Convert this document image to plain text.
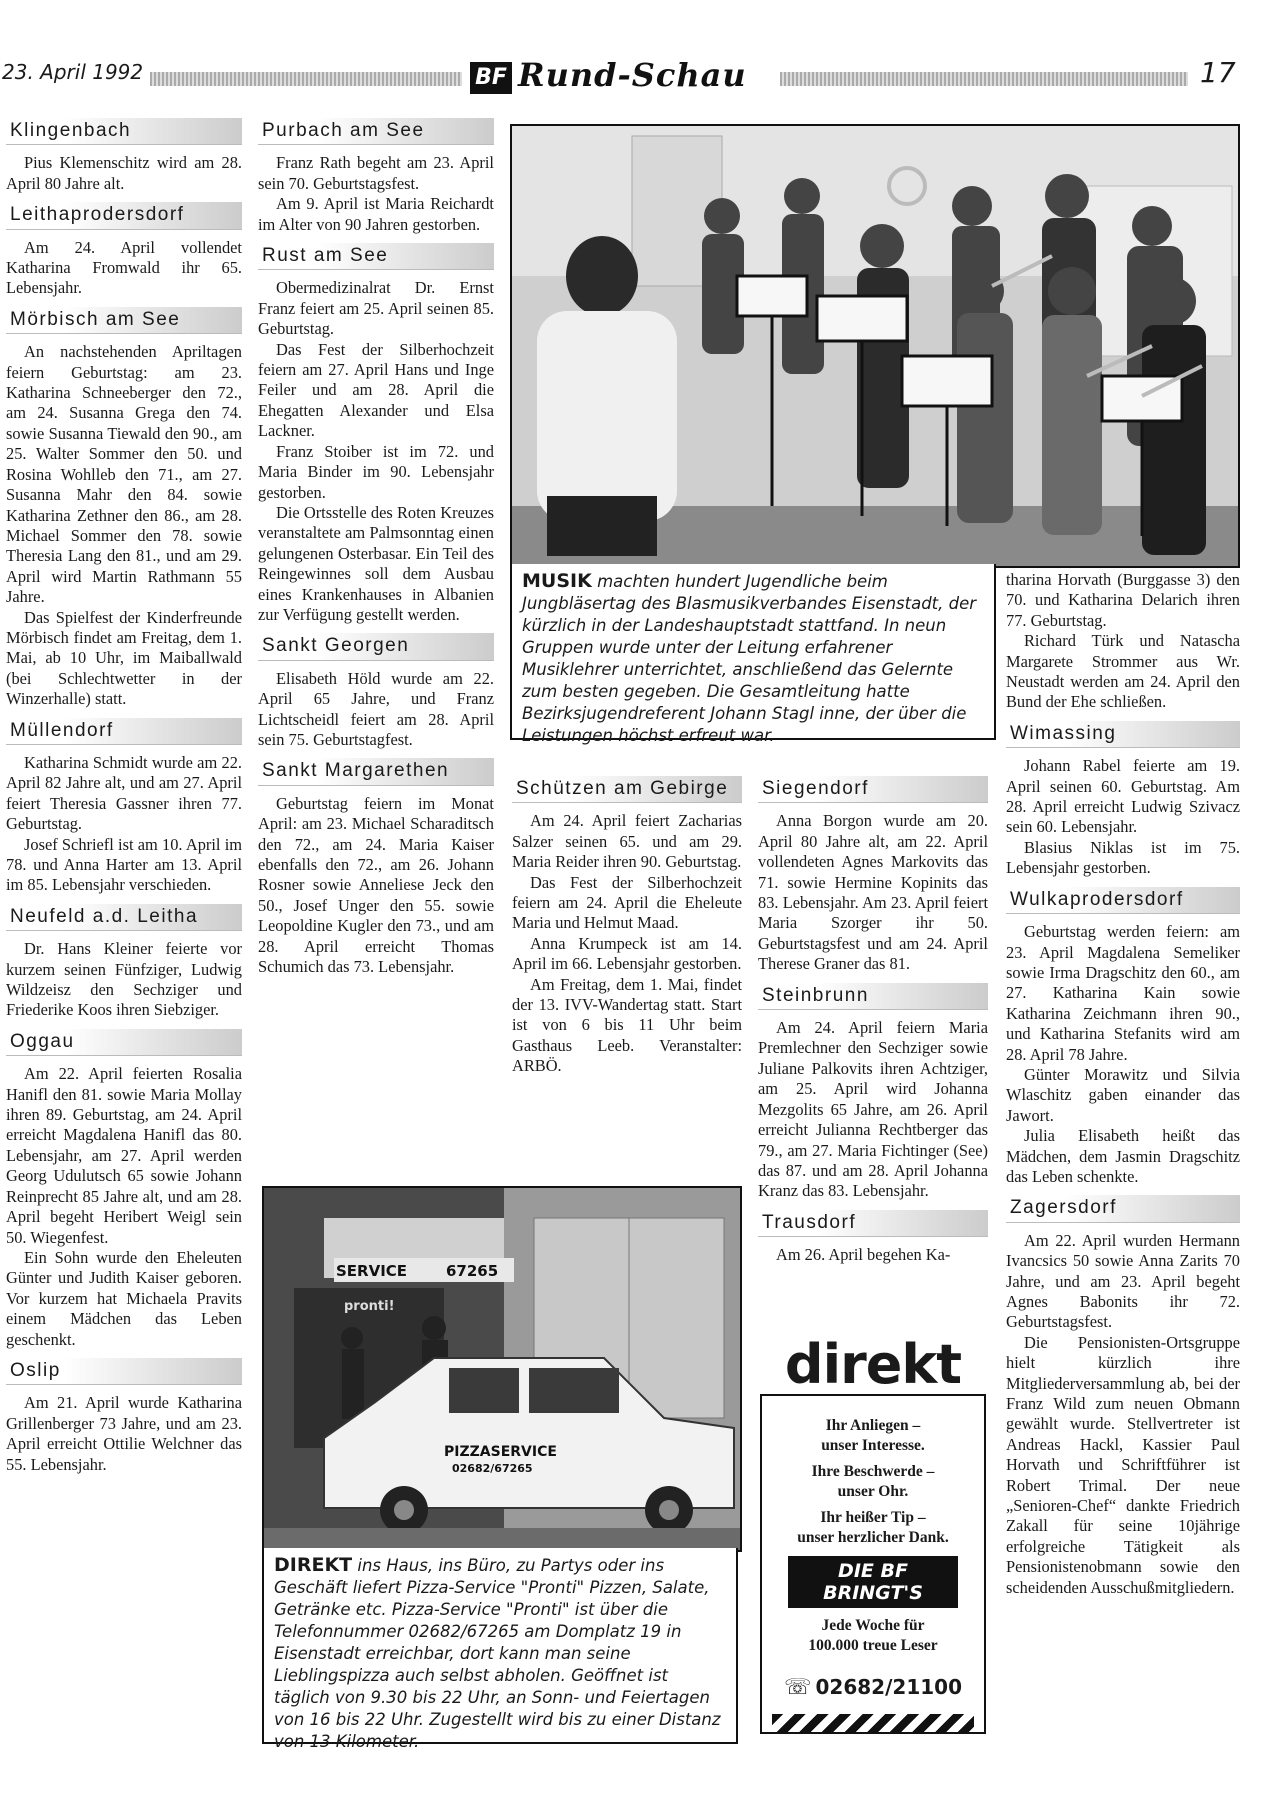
23. April 1992	BF Rund-Schau	17
Klingenbach

Pius Klemenschitz wird am 28. April 80 Jahre alt.

Leithaprodersdorf

Am 24. April vollendet Katharina Fromwald ihr 65. Lebensjahr.

Mörbisch am See

An nachstehenden Apriltagen feiern Geburtstag: am 23. Katharina Schneeberger den 72., am 24. Susanna Grega den 74. sowie Susanna Tiewald den 90., am 25. Walter Sommer den 50. und Rosina Wohlleb den 71., am 27. Susanna Mahr den 84. sowie Katharina Zethner den 86., am 28. Michael Sommer den 78. sowie Theresia Lang den 81., und am 29. April wird Martin Rathmann 55 Jahre.

Das Spielfest der Kinderfreunde Mörbisch findet am Freitag, dem 1. Mai, ab 10 Uhr, im Maiballwald (bei Schlechtwetter in der Winzerhalle) statt.

Müllendorf

Katharina Schmidt wurde am 22. April 82 Jahre alt, und am 27. April feiert Theresia Gassner ihren 77. Geburtstag.

Josef Schriefl ist am 10. April im 78. und Anna Harter am 13. April im 85. Lebensjahr verschieden.

Neufeld a.d. Leitha

Dr. Hans Kleiner feierte vor kurzem seinen Fünfziger, Ludwig Wildzeisz den Sechziger und Friederike Koos ihren Siebziger.

Oggau

Am 22. April feierten Rosalia Hanifl den 81. sowie Maria Mollay ihren 89. Geburtstag, am 24. April erreicht Magdalena Hanifl das 80. Lebensjahr, am 27. April werden Georg Udulutsch 65 sowie Johann Reinprecht 85 Jahre alt, und am 28. April begeht Heribert Weigl sein 50. Wiegenfest.

Ein Sohn wurde den Eheleuten Günter und Judith Kaiser geboren. Vor kurzem hat Michaela Pravits einem Mädchen das Leben geschenkt.

Oslip

Am 21. April wurde Katharina Grillenberger 73 Jahre, und am 23. April erreicht Ottilie Welchner das 55. Lebensjahr.

Purbach am See

Franz Rath begeht am 23. April sein 70. Geburtstagsfest.

Am 9. April ist Maria Reichardt im Alter von 90 Jahren gestorben.

Rust am See

Obermedizinalrat Dr. Ernst Franz feiert am 25. April seinen 85. Geburtstag.

Das Fest der Silberhochzeit feiern am 27. April Hans und Inge Feiler und am 28. April die Ehegatten Alexander und Elsa Lackner.

Franz Stoiber ist im 72. und Maria Binder im 90. Lebensjahr gestorben.

Die Ortsstelle des Roten Kreuzes veranstaltete am Palmsonntag einen gelungenen Osterbasar. Ein Teil des Reingewinnes soll dem Ausbau eines Krankenhauses in Albanien zur Verfügung gestellt werden.

Sankt Georgen

Elisabeth Höld wurde am 22. April 65 Jahre, und Franz Lichtscheidl feiert am 28. April sein 75. Geburtstagfest.

Sankt Margarethen

Geburtstag feiern im Monat April: am 23. Michael Scharaditsch den 72., am 24. Maria Kaiser ebenfalls den 72., am 26. Johann Rosner sowie Anneliese Jeck den 50., Josef Unger den 55. sowie Leopoldine Kugler den 73., und am 28. April erreicht Thomas Schumich das 73. Lebensjahr.

MUSIK machten hundert Jugendliche beim Jungbläsertag des Blasmusikverbandes Eisenstadt, der kürzlich in der Landeshauptstadt stattfand. In neun Gruppen wurde unter der Leitung erfahrener Musiklehrer unterrichtet, anschließend das Gelernte zum besten gegeben. Die Gesamtleitung hatte Bezirksjugendreferent Johann Stagl inne, der über die Leistungen höchst erfreut war.
Schützen am Gebirge

Am 24. April feiert Zacharias Salzer seinen 65. und am 29. Maria Reider ihren 90. Geburtstag.

Das Fest der Silberhochzeit feiern am 24. April die Eheleute Maria und Helmut Maad.

Anna Krumpeck ist am 14. April im 66. Lebensjahr gestorben.

Am Freitag, dem 1. Mai, findet der 13. IVV-Wandertag statt. Start ist von 6 bis 11 Uhr beim Gasthaus Leeb. Veranstalter: ARBÖ.

Siegendorf

Anna Borgon wurde am 20. April 80 Jahre alt, am 22. April vollendeten Agnes Markovits das 71. sowie Hermine Kopinits das 83. Lebensjahr. Am 23. April feiert Maria Szorger ihr 50. Geburtstagsfest und am 24. April Therese Graner das 81.

Steinbrunn

Am 24. April feiern Maria Premlechner den Sechziger sowie Juliane Palkovits ihren Achtziger, am 25. April wird Johanna Mezgolits 65 Jahre, am 26. April erreicht Julianna Rechtberger das 79., am 27. Maria Fichtinger (See) das 87. und am 28. April Johanna Kranz das 83. Lebensjahr.

Trausdorf

Am 26. April begehen Ka-

SERVICE	67265
pronti!
PIZZASERVICE
02682/67265
DIREKT ins Haus, ins Büro, zu Partys oder ins Geschäft liefert Pizza-Service "Pronti" Pizzen, Salate, Getränke etc. Pizza-Service "Pronti" ist über die Telefonnummer 02682/67265 am Domplatz 19 in Eisenstadt erreichbar, dort kann man seine Lieblingspizza auch selbst abholen. Geöffnet ist täglich von 9.30 bis 22 Uhr, an Sonn- und Feiertagen von 16 bis 22 Uhr. Zugestellt wird bis zu einer Distanz von 13 Kilometer.
direkt
Ihr Anliegen –
unser Interesse.
Ihre Beschwerde –
unser Ohr.
Ihr heißer Tip –
unser herzlicher Dank.
DIE BF BRINGT'S
Jede Woche für
100.000 treue Leser
☏ 02682/21100

tharina Horvath (Burggasse 3) den 70. und Katharina Delarich ihren 77. Geburtstag.

Richard Türk und Natascha Margarete Strommer aus Wr. Neustadt werden am 24. April den Bund der Ehe schließen.

Wimassing

Johann Rabel feierte am 19. April seinen 60. Geburtstag. Am 28. April erreicht Ludwig Szivacz sein 60. Lebensjahr.

Blasius Niklas ist im 75. Lebensjahr gestorben.

Wulkaprodersdorf

Geburtstag werden feiern: am 23. April Magdalena Semeliker sowie Irma Dragschitz den 60., am 27. Katharina Kain sowie Katharina Zeichmann ihren 90., und Katharina Stefanits wird am 28. April 78 Jahre.

Günter Morawitz und Silvia Wlaschitz gaben einander das Jawort.

Julia Elisabeth heißt das Mädchen, dem Jasmin Dragschitz das Leben schenkte.

Zagersdorf

Am 22. April wurden Hermann Ivancsics 50 sowie Anna Zarits 70 Jahre, und am 23. April begeht Agnes Babonits ihr 72. Geburtstagsfest.

Die Pensionisten-Ortsgruppe hielt kürzlich ihre Mitgliederversammlung ab, bei der Franz Wild zum neuen Obmann gewählt wurde. Stellvertreter ist Andreas Hackl, Kassier Paul Horvath und Schriftführer ist Robert Trimal. Der neue „Senioren-Chef“ dankte Friedrich Zakall für seine 10jährige erfolgreiche Tätigkeit als Pensionistenobmann sowie den scheidenden Ausschußmitgliedern.
